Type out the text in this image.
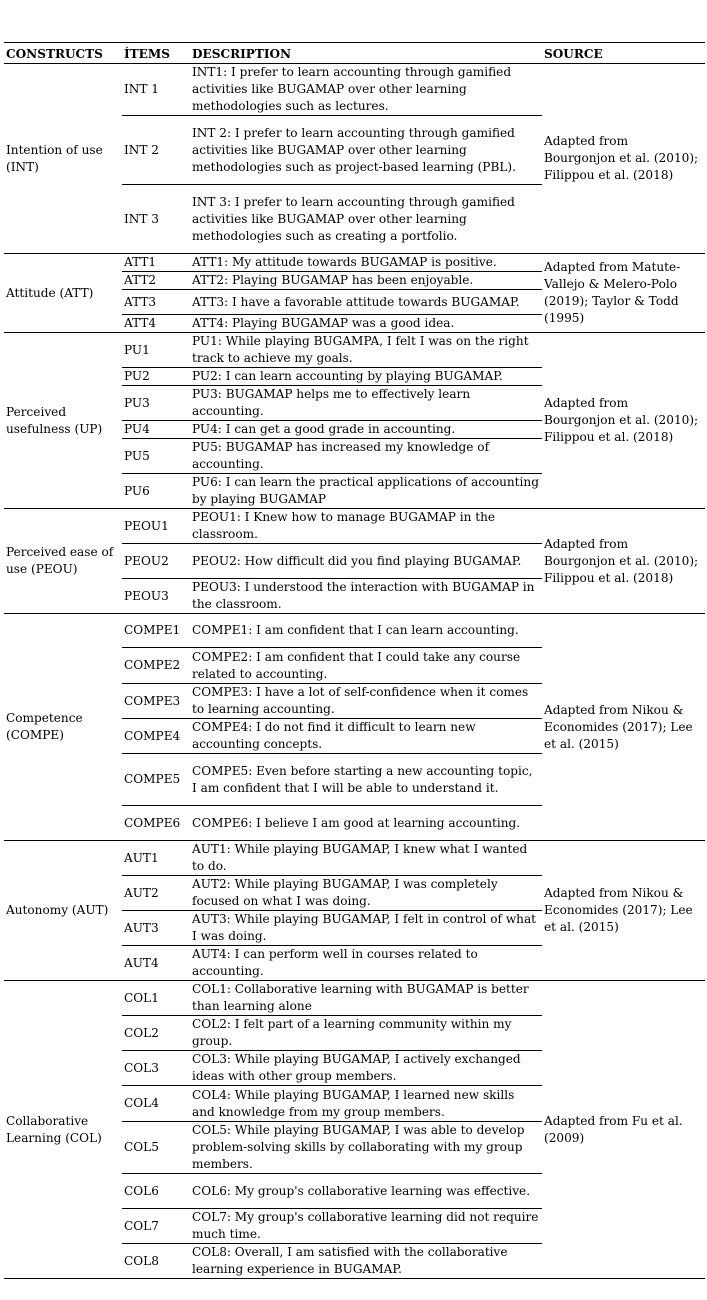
CONSTRUCTS	ÍTEMS	DESCRIPTION	SOURCE
Intention of use (INT)	INT 1	INT1: I prefer to learn accounting through gamified activities like BUGAMAP over other learning methodologies such as lectures.	Adapted from Bourgonjon et al. (2010); Filippou et al. (2018)
	INT 2	INT 2: I prefer to learn accounting through gamified activities like BUGAMAP over other learning methodologies such as project-based learning (PBL).	
	INT 3	INT 3: I prefer to learn accounting through gamified activities like BUGAMAP over other learning methodologies such as creating a portfolio.	
Attitude (ATT)	ATT1	ATT1: My attitude towards BUGAMAP is positive.	Adapted from Matute-Vallejo & Melero-Polo (2019); Taylor & Todd (1995)
	ATT2	ATT2: Playing BUGAMAP has been enjoyable.	
	ATT3	ATT3: I have a favorable attitude towards BUGAMAP.	
	ATT4	ATT4: Playing BUGAMAP was a good idea.	
Perceived usefulness (UP)	PU1	PU1: While playing BUGAMPA, I felt I was on the right track to achieve my goals.	Adapted from Bourgonjon et al. (2010); Filippou et al. (2018)
	PU2	PU2: I can learn accounting by playing BUGAMAP.	
	PU3	PU3: BUGAMAP helps me to effectively learn accounting.	
	PU4	PU4: I can get a good grade in accounting.	
	PU5	PU5: BUGAMAP has increased my knowledge of accounting.	
	PU6	PU6: I can learn the practical applications of accounting by playing BUGAMAP	
Perceived ease of use (PEOU)	PEOU1	PEOU1: I Knew how to manage BUGAMAP in the classroom.	Adapted from Bourgonjon et al. (2010); Filippou et al. (2018)
	PEOU2	PEOU2: How difficult did you find playing BUGAMAP.	
	PEOU3	PEOU3: I understood the interaction with BUGAMAP in the classroom.	
Competence (COMPE)	COMPE1	COMPE1: I am confident that I can learn accounting.	Adapted from Nikou & Economides (2017); Lee et al. (2015)
	COMPE2	COMPE2: I am confident that I could take any course related to accounting.	
	COMPE3	COMPE3: I have a lot of self-confidence when it comes to learning accounting.	
	COMPE4	COMPE4: I do not find it difficult to learn new accounting concepts.	
	COMPE5	COMPE5: Even before starting a new accounting topic, I am confident that I will be able to understand it.	
	COMPE6	COMPE6: I believe I am good at learning accounting.	
Autonomy (AUT)	AUT1	AUT1: While playing BUGAMAP, I knew what I wanted to do.	Adapted from Nikou & Economides (2017); Lee et al. (2015)
	AUT2	AUT2: While playing BUGAMAP, I was completely focused on what I was doing.	
	AUT3	AUT3: While playing BUGAMAP, I felt in control of what I was doing.	
	AUT4	AUT4: I can perform well in courses related to accounting.	
Collaborative Learning (COL)	COL1	COL1: Collaborative learning with BUGAMAP is better than learning alone	Adapted from Fu et al. (2009)
	COL2	COL2: I felt part of a learning community within my group.	
	COL3	COL3: While playing BUGAMAP, I actively exchanged ideas with other group members.	
	COL4	COL4: While playing BUGAMAP, I learned new skills and knowledge from my group members.	
	COL5	COL5: While playing BUGAMAP, I was able to develop problem-solving skills by collaborating with my group members.	
	COL6	COL6: My group's collaborative learning was effective.	
	COL7	COL7: My group's collaborative learning did not require much time.	
	COL8	COL8: Overall, I am satisfied with the collaborative learning experience in BUGAMAP.	
